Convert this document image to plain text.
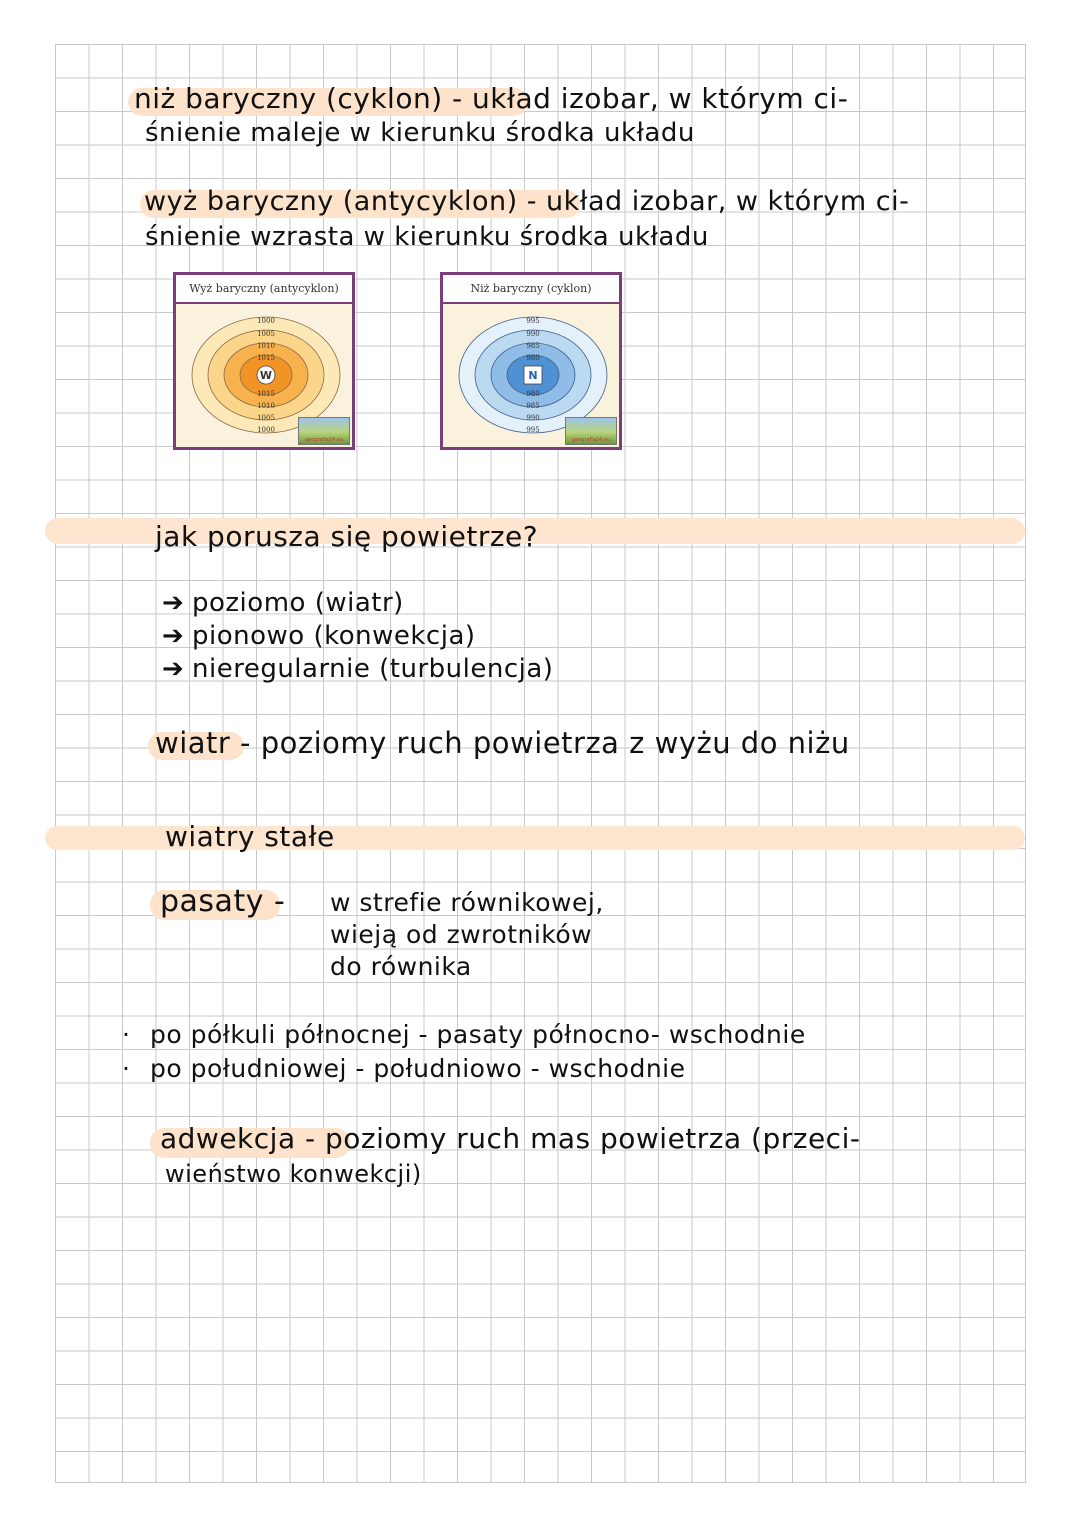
niż baryczny (cyklon) - układ izobar, w którym ci-
śnienie maleje w kierunku środka układu
wyż baryczny (antycyklon) - układ izobar, w którym ci-
śnienie wzrasta w kierunku środka układu
Wyż baryczny (antycyklon)
W
1000
1005
1010
1015
1015
1010
1005
1000
geografia24.eu
Niż baryczny (cyklon)
N
995
990
985
980
980
985
990
995
geografia24.eu
jak porusza się powietrze?
➔ poziomo (wiatr)
➔ pionowo (konwekcja)
➔ nieregularnie (turbulencja)
wiatr - poziomy ruch powietrza z wyżu do niżu
wiatry stałe
pasaty - w strefie równikowej,
wieją od zwrotników
do równika
· po półkuli północnej - pasaty północno- wschodnie
· po południowej - południowo - wschodnie
adwekcja - poziomy ruch mas powietrza (przeci-
wieństwo konwekcji)
